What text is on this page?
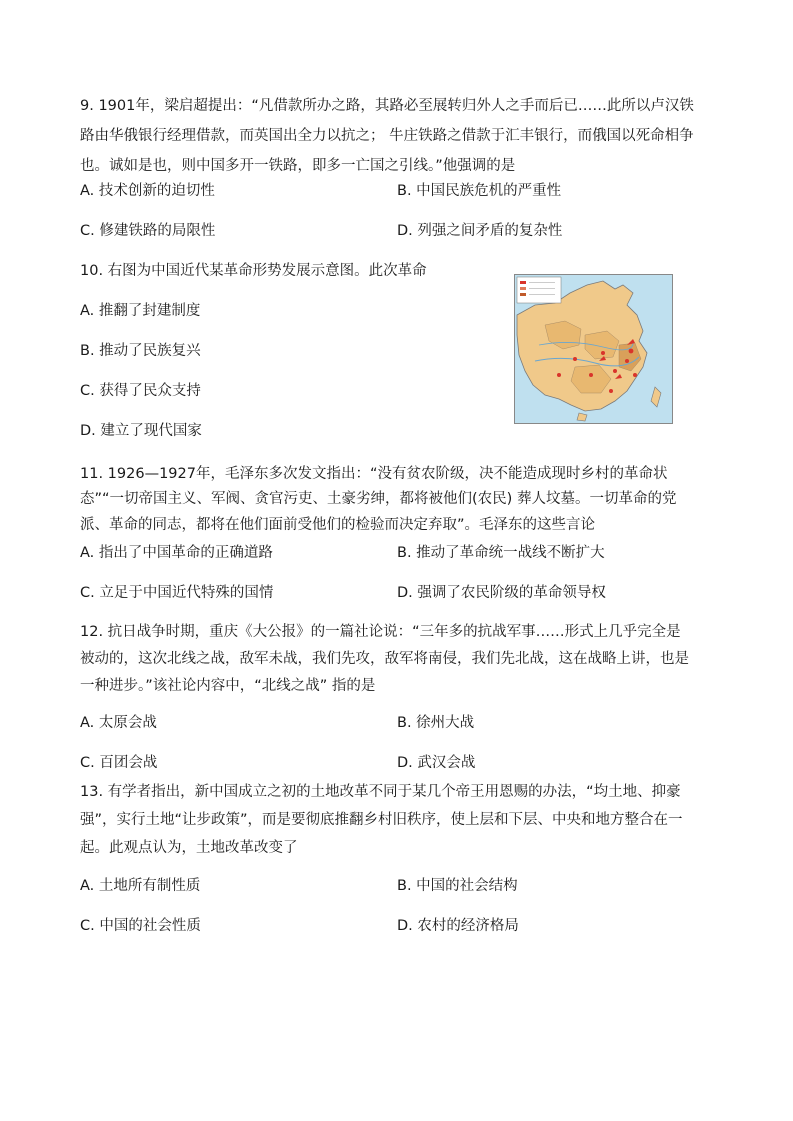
9. 1901年，梁启超提出：“凡借款所办之路，其路必至展转归外人之手而后已……此所以卢汉铁
路由华俄银行经理借款，而英国出全力以抗之； 牛庄铁路之借款于汇丰银行，而俄国以死命相争
也。诚如是也，则中国多开一铁路，即多一亡国之引线。”他强调的是
A. 技术创新的迫切性	B. 中国民族危机的严重性
C. 修建铁路的局限性	D. 列强之间矛盾的复杂性
10. 右图为中国近代某革命形势发展示意图。此次革命
A. 推翻了封建制度
B. 推动了民族复兴
C. 获得了民众支持
D. 建立了现代国家
11. 1926—1927年，毛泽东多次发文指出：“没有贫农阶级，决不能造成现时乡村的革命状
态”“一切帝国主义、军阀、贪官污吏、土豪劣绅，都将被他们(农民) 葬人坟墓。一切革命的党
派、革命的同志，都将在他们面前受他们的检验而决定弃取”。毛泽东的这些言论
A. 指出了中国革命的正确道路	B. 推动了革命统一战线不断扩大
C. 立足于中国近代特殊的国情	D. 强调了农民阶级的革命领导权
12. 抗日战争时期，重庆《大公报》的一篇社论说：“三年多的抗战军事……形式上几乎完全是
被动的，这次北线之战，敌军未战，我们先攻，敌军将南侵，我们先北战，这在战略上讲，也是
一种进步。”该社论内容中，“北线之战” 指的是
A. 太原会战	B. 徐州大战
C. 百团会战	D. 武汉会战
13. 有学者指出，新中国成立之初的土地改革不同于某几个帝王用恩赐的办法，“均土地、抑豪
强”，实行土地“让步政策”，而是要彻底推翻乡村旧秩序，使上层和下层、中央和地方整合在一
起。此观点认为，土地改革改变了
A. 土地所有制性质	B. 中国的社会结构
C. 中国的社会性质	D. 农村的经济格局
